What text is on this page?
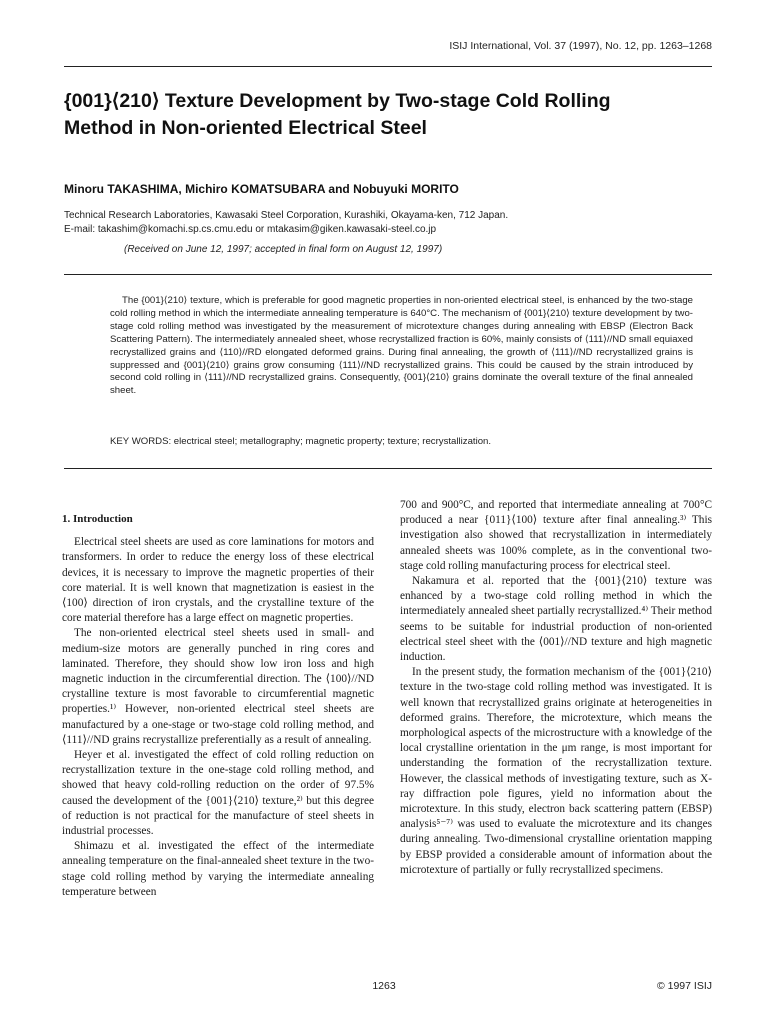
ISIJ International, Vol. 37 (1997), No. 12, pp. 1263–1268
{001}⟨210⟩ Texture Development by Two-stage Cold Rolling
Method in Non-oriented Electrical Steel
Minoru TAKASHIMA, Michiro KOMATSUBARA and Nobuyuki MORITO
Technical Research Laboratories, Kawasaki Steel Corporation, Kurashiki, Okayama-ken, 712 Japan.
E-mail: takashim@komachi.sp.cs.cmu.edu or mtakasim@giken.kawasaki-steel.co.jp
(Received on June 12, 1997; accepted in final form on August 12, 1997)

The {001}⟨210⟩ texture, which is preferable for good magnetic properties in non-oriented electrical steel, is enhanced by the two-stage cold rolling method in which the intermediate annealing temperature is 640°C. The mechanism of {001}⟨210⟩ texture development by two-stage cold rolling method was investigated by the measurement of microtexture changes during annealing with EBSP (Electron Back Scattering Pattern). The intermediately annealed sheet, whose recrystallized fraction is 60%, mainly consists of ⟨111⟩//ND small equiaxed recrystallized grains and ⟨110⟩//RD elongated deformed grains. During final annealing, the growth of ⟨111⟩//ND recrystallized grains is suppressed and {001}⟨210⟩ grains grow consuming ⟨111⟩//ND recrystallized grains. This could be caused by the strain introduced by second cold rolling in ⟨111⟩//ND recrystallized grains. Consequently, {001}⟨210⟩ grains dominate the overall texture of the final annealed sheet.

KEY WORDS: electrical steel; metallography; magnetic property; texture; recrystallization.
1. Introduction

Electrical steel sheets are used as core laminations for motors and transformers. In order to reduce the energy loss of these electrical devices, it is necessary to improve the magnetic properties of their core material. It is well known that magnetization is easiest in the ⟨100⟩ direction of iron crystals, and the crystalline texture of the core material therefore has a large effect on magnetic properties.

The non-oriented electrical steel sheets used in small- and medium-size motors are generally punched in ring cores and laminated. Therefore, they should show low iron loss and high magnetic induction in the circumferential direction. The ⟨100⟩//ND crystalline texture is most favorable to circumferential magnetic properties.¹⁾ However, non-oriented electrical steel sheets are manufactured by a one-stage or two-stage cold rolling method, and ⟨111⟩//ND grains recrystallize preferentially as a result of annealing.

Heyer et al. investigated the effect of cold rolling reduction on recrystallization texture in the one-stage cold rolling method, and showed that heavy cold-rolling reduction on the order of 97.5% caused the development of the {001}⟨210⟩ texture,²⁾ but this degree of reduction is not practical for the manufacture of steel sheets in industrial processes.

Shimazu et al. investigated the effect of the intermediate annealing temperature on the final-annealed sheet texture in the two-stage cold rolling method by varying the intermediate annealing temperature between

700 and 900°C, and reported that intermediate annealing at 700°C produced a near {011}⟨100⟩ texture after final annealing.³⁾ This investigation also showed that recrystallization in intermediately annealed sheets was 100% complete, as in the conventional two-stage cold rolling manufacturing process for electrical steel.

Nakamura et al. reported that the {001}⟨210⟩ texture was enhanced by a two-stage cold rolling method in which the intermediately annealed sheet partially recrystallized.⁴⁾ Their method seems to be suitable for industrial production of non-oriented electrical steel sheet with the ⟨001⟩//ND texture and high magnetic induction.

In the present study, the formation mechanism of the {001}⟨210⟩ texture in the two-stage cold rolling method was investigated. It is well known that recrystallized grains originate at heterogeneities in deformed grains. Therefore, the microtexture, which means the morphological aspects of the microstructure with a knowledge of the local crystalline orientation in the μm range, is most important for understanding the formation of the recrystallization texture. However, the classical methods of investigating texture, such as X-ray diffraction pole figures, yield no information about the microtexture. In this study, electron back scattering pattern (EBSP) analysis⁵⁻⁷⁾ was used to evaluate the microtexture and its changes during annealing. Two-dimensional crystalline orientation mapping by EBSP provided a considerable amount of information about the microtexture of partially or fully recrystallized specimens.

1263	© 1997 ISIJ
